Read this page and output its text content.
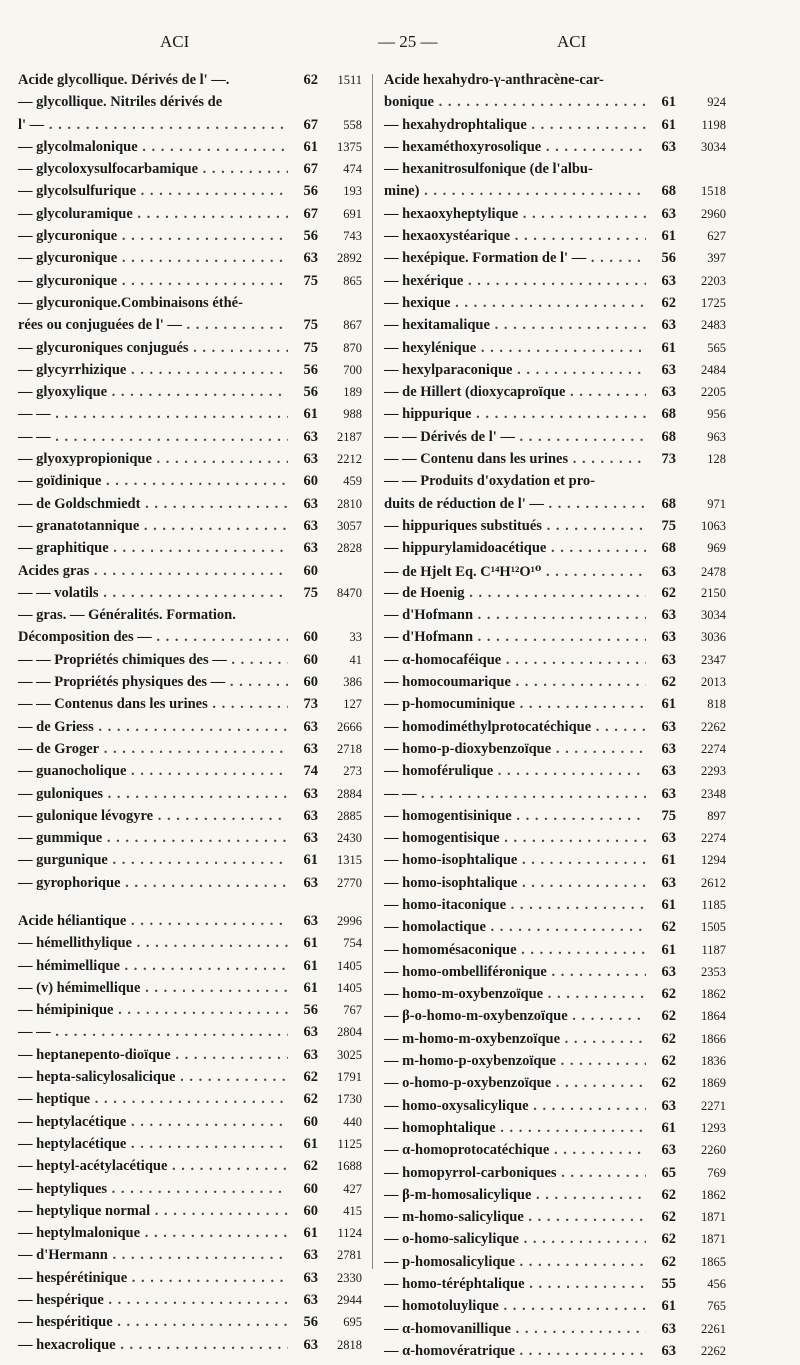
ACI	— 25 —	ACI
Acide glycollique. Dérivés de l' —.	62	1511
— glycollique. Nitriles dérivés de
l' — . . .	67	558
— glycolmalonique . . .	61	1375
— glycoloxysulfocarbamique . . .	67	474
— glycolsulfurique . . .	56	193
— glycoluramique . . .	67	691
— glycuronique . . .	56	743
— glycuronique . . .	63	2892
— glycuronique . . .	75	865
— glycuronique.Combinaisons éthé-
rées ou conjuguées de l' — . . .	75	867
— glycuroniques conjugués . . .	75	870
— glycyrrhizique . . .	56	700
— glyoxylique . . .	56	189
— — . . .	61	988
— — . . .	63	2187
— glyoxypropionique . . .	63	2212
— goïdinique . . .	60	459
— de Goldschmiedt . . .	63	2810
— granatotannique . . .	63	3057
— graphitique . . .	63	2828
Acides gras . . .	60
— — volatils . . .	75	8470
— gras. — Généralités. Formation.
Décomposition des — . . .	60	33
— — Propriétés chimiques des — . . .	60	41
— — Propriétés physiques des — . . .	60	386
— — Contenus dans les urines . . .	73	127
— de Griess . . .	63	2666
— de Groger . . .	63	2718
— guanocholique . . .	74	273
— guloniques . . .	63	2884
— gulonique lévogyre . . .	63	2885
— gummique . . .	63	2430
— gurgunique . . .	61	1315
— gyrophorique . . .	63	2770
Acide héliantique . . .	63	2996
— hémellithylique . . .	61	754
— hémimellique . . .	61	1405
— (v) hémimellique . . .	61	1405
— hémipinique . . .	56	767
— — . . .	63	2804
— heptanepento-dioïque . . .	63	3025
— hepta-salicylosalicique . . .	62	1791
— heptique . . .	62	1730
— heptylacétique . . .	60	440
— heptylacétique . . .	61	1125
— heptyl-acétylacétique . . .	62	1688
— heptyliques . . .	60	427
— heptylique normal . . .	60	415
— heptylmalonique . . .	61	1124
— d'Hermann . . .	63	2781
— hespérétinique . . .	63	2330
— hespérique . . .	63	2944
— hespéritique . . .	56	695
— hexacrolique . . .	63	2818
Acide hexahydro-γ-anthracène-car-
bonique . . .	61	924
— hexahydrophtalique . . .	61	1198
— hexaméthoxyrosolique . . .	63	3034
— hexanitrosulfonique (de l'albu-
mine) . . .	68	1518
— hexaoxyheptylique . . .	63	2960
— hexaoxystéarique . . .	61	627
— hexépique. Formation de l' — . . .	56	397
— hexérique . . .	63	2203
— hexique . . .	62	1725
— hexitamalique . . .	63	2483
— hexylénique . . .	61	565
— hexylparaconique . . .	63	2484
— de Hillert (dioxycaproïque . . .	63	2205
— hippurique . . .	68	956
— — Dérivés de l' — . . .	68	963
— — Contenu dans les urines . . .	73	128
— — Produits d'oxydation et pro-
duits de réduction de l' — . . .	68	971
— hippuriques substitués . . .	75	1063
— hippurylamidoacétique . . .	68	969
— de Hjelt Eq. C¹⁴H¹²O¹⁰ . . .	63	2478
— de Hoenig . . .	62	2150
— d'Hofmann . . .	63	3034
— d'Hofmann . . .	63	3036
— α-homocaféique . . .	63	2347
— homocoumarique . . .	62	2013
— p-homocuminique . . .	61	818
— homodiméthylprotocatéchique . . .	63	2262
— homo-p-dioxybenzoïque . . .	63	2274
— homoférulique . . .	63	2293
— — . . .	63	2348
— homogentisinique . . .	75	897
— homogentisique . . .	63	2274
— homo-isophtalique . . .	61	1294
— homo-isophtalique . . .	63	2612
— homo-itaconique . . .	61	1185
— homolactique . . .	62	1505
— homomésaconique . . .	61	1187
— homo-ombelliféronique . . .	63	2353
— homo-m-oxybenzoïque . . .	62	1862
— β-o-homo-m-oxybenzoïque . . .	62	1864
— m-homo-m-oxybenzoïque . . .	62	1866
— m-homo-p-oxybenzoïque . . .	62	1836
— o-homo-p-oxybenzoïque . . .	62	1869
— homo-oxysalicylique . . .	63	2271
— homophtalique . . .	61	1293
— α-homoprotocatéchique . . .	63	2260
— homopyrrol-carboniques . . .	65	769
— β-m-homosalicylique . . .	62	1862
— m-homo-salicylique . . .	62	1871
— o-homo-salicylique . . .	62	1871
— p-homosalicylique . . .	62	1865
— homo-téréphtalique . . .	55	456
— homotoluylique . . .	61	765
— α-homovanillique . . .	63	2261
— α-homovératrique . . .	63	2262
